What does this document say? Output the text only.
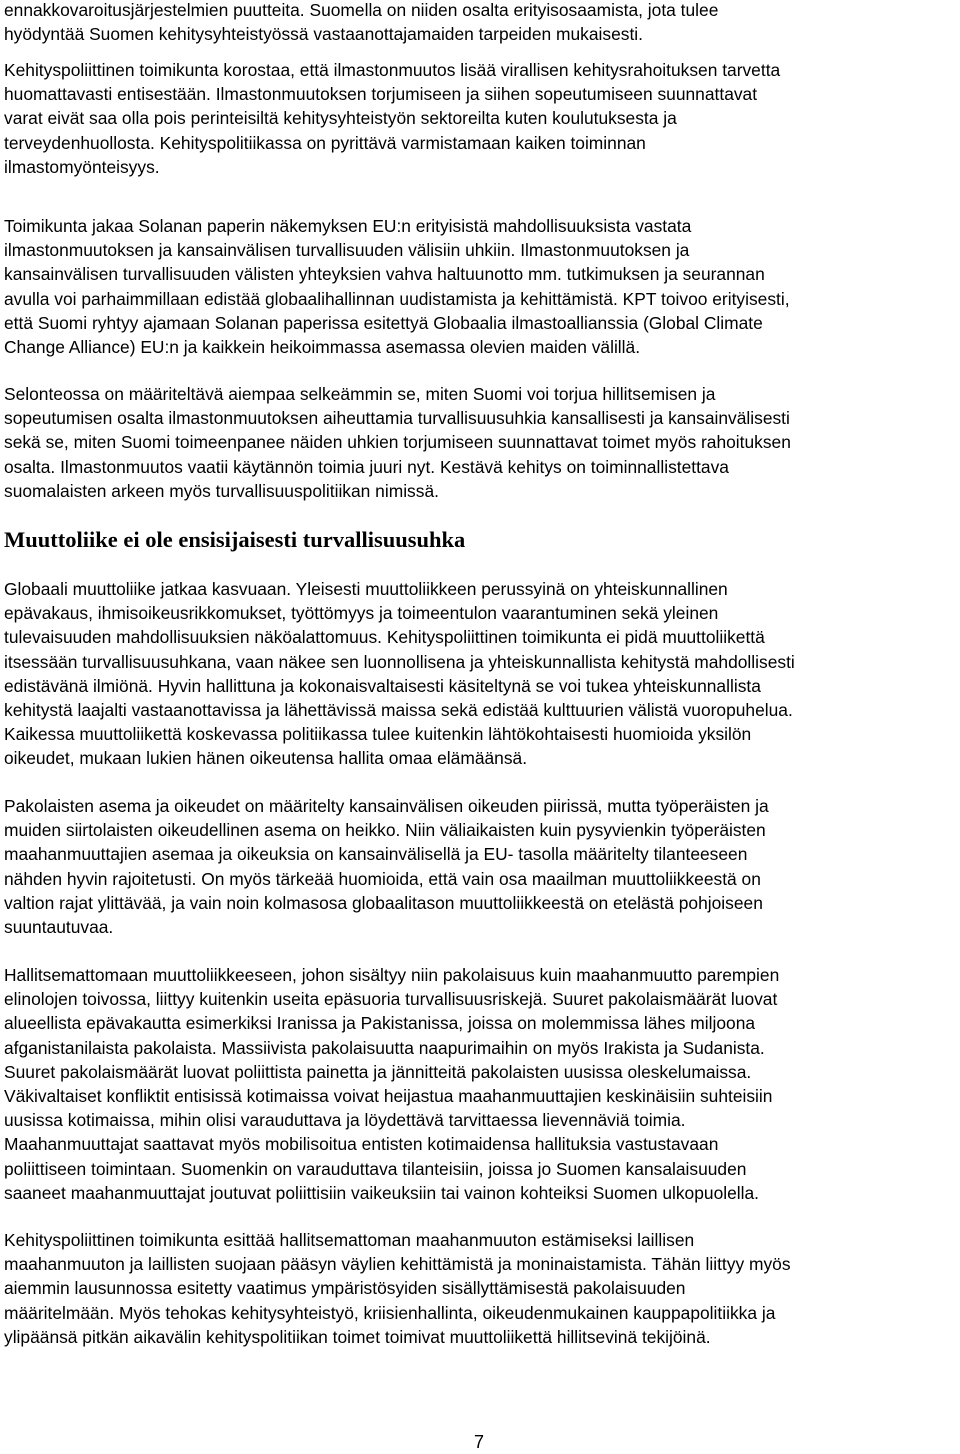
ennakkovaroitusjärjestelmien puutteita. Suomella on niiden osalta erityisosaamista, jota tulee
hyödyntää Suomen kehitysyhteistyössä vastaanottajamaiden tarpeiden mukaisesti.
Kehityspoliittinen toimikunta korostaa, että ilmastonmuutos lisää virallisen kehitysrahoituksen tarvetta
huomattavasti entisestään. Ilmastonmuutoksen torjumiseen ja siihen sopeutumiseen suunnattavat
varat eivät saa olla pois perinteisiltä kehitysyhteistyön sektoreilta kuten koulutuksesta ja
terveydenhuollosta. Kehityspolitiikassa on pyrittävä varmistamaan kaiken toiminnan
ilmastomyönteisyys.
Toimikunta jakaa Solanan paperin näkemyksen EU:n erityisistä mahdollisuuksista vastata
ilmastonmuutoksen ja kansainvälisen turvallisuuden välisiin uhkiin. Ilmastonmuutoksen ja
kansainvälisen turvallisuuden välisten yhteyksien vahva haltuunotto mm. tutkimuksen ja seurannan
avulla voi parhaimmillaan edistää globaalihallinnan uudistamista ja kehittämistä. KPT toivoo erityisesti,
että Suomi ryhtyy ajamaan Solanan paperissa esitettyä Globaalia ilmastoallianssia (Global Climate
Change Alliance) EU:n ja kaikkein heikoimmassa asemassa olevien maiden välillä.
Selonteossa on määriteltävä aiempaa selkeämmin se, miten Suomi voi torjua hillitsemisen ja
sopeutumisen osalta ilmastonmuutoksen aiheuttamia turvallisuusuhkia kansallisesti ja kansainvälisesti
sekä se, miten Suomi toimeenpanee näiden uhkien torjumiseen suunnattavat toimet myös rahoituksen
osalta. Ilmastonmuutos vaatii käytännön toimia juuri nyt. Kestävä kehitys on toiminnallistettava
suomalaisten arkeen myös turvallisuuspolitiikan nimissä.
Muuttoliike ei ole ensisijaisesti turvallisuusuhka
Globaali muuttoliike jatkaa kasvuaan. Yleisesti muuttoliikkeen perussyinä on yhteiskunnallinen
epävakaus, ihmisoikeusrikkomukset, työttömyys ja toimeentulon vaarantuminen sekä yleinen
tulevaisuuden mahdollisuuksien näköalattomuus. Kehityspoliittinen toimikunta ei pidä muuttoliikettä
itsessään turvallisuusuhkana, vaan näkee sen luonnollisena ja yhteiskunnallista kehitystä mahdollisesti
edistävänä ilmiönä. Hyvin hallittuna ja kokonaisvaltaisesti käsiteltynä se voi tukea yhteiskunnallista
kehitystä laajalti vastaanottavissa ja lähettävissä maissa sekä edistää kulttuurien välistä vuoropuhelua.
Kaikessa muuttoliikettä koskevassa politiikassa tulee kuitenkin lähtökohtaisesti huomioida yksilön
oikeudet, mukaan lukien hänen oikeutensa hallita omaa elämäänsä.
Pakolaisten asema ja oikeudet on määritelty kansainvälisen oikeuden piirissä, mutta työperäisten ja
muiden siirtolaisten oikeudellinen asema on heikko. Niin väliaikaisten kuin pysyvienkin työperäisten
maahanmuuttajien asemaa ja oikeuksia on kansainvälisellä ja EU- tasolla määritelty tilanteeseen
nähden hyvin rajoitetusti. On myös tärkeää huomioida, että vain osa maailman muuttoliikkeestä on
valtion rajat ylittävää, ja vain noin kolmasosa globaalitason muuttoliikkeestä on etelästä pohjoiseen
suuntautuvaa.
Hallitsemattomaan muuttoliikkeeseen, johon sisältyy niin pakolaisuus kuin maahanmuutto parempien
elinolojen toivossa, liittyy kuitenkin useita epäsuoria turvallisuusriskejä. Suuret pakolaismäärät luovat
alueellista epävakautta esimerkiksi Iranissa ja Pakistanissa, joissa on molemmissa lähes miljoona
afganistanilaista pakolaista. Massiivista pakolaisuutta naapurimaihin on myös Irakista ja Sudanista.
Suuret pakolaismäärät luovat poliittista painetta ja jännitteitä pakolaisten uusissa oleskelumaissa.
Väkivaltaiset konfliktit entisissä kotimaissa voivat heijastua maahanmuuttajien keskinäisiin suhteisiin
uusissa kotimaissa, mihin olisi varauduttava ja löydettävä tarvittaessa lievennäviä toimia.
Maahanmuuttajat saattavat myös mobilisoitua entisten kotimaidensa hallituksia vastustavaan
poliittiseen toimintaan. Suomenkin on varauduttava tilanteisiin, joissa jo Suomen kansalaisuuden
saaneet maahanmuuttajat joutuvat poliittisiin vaikeuksiin tai vainon kohteiksi Suomen ulkopuolella.
Kehityspoliittinen toimikunta esittää hallitsemattoman maahanmuuton estämiseksi laillisen
maahanmuuton ja laillisten suojaan pääsyn väylien kehittämistä ja moninaistamista. Tähän liittyy myös
aiemmin lausunnossa esitetty vaatimus ympäristösyiden sisällyttämisestä pakolaisuuden
määritelmään. Myös tehokas kehitysyhteistyö, kriisienhallinta, oikeudenmukainen kauppapolitiikka ja
ylipäänsä pitkän aikavälin kehityspolitiikan toimet toimivat muuttoliikettä hillitsevinä tekijöinä.
7
